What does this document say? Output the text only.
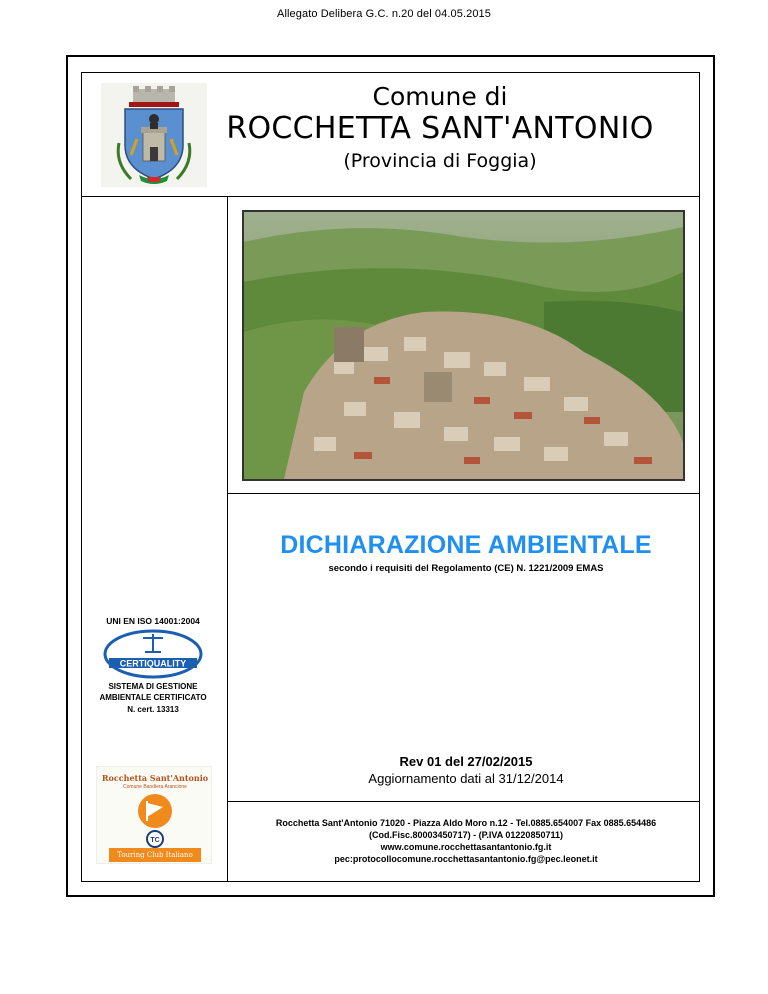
Allegato Delibera G.C. n.20 del 04.05.2015
Comune di
ROCCHETTA SANT'ANTONIO
(Provincia di Foggia)
DICHIARAZIONE AMBIENTALE
secondo i requisiti del Regolamento (CE) N. 1221/2009 EMAS
UNI EN ISO 14001:2004
CERTIQUALITY
SISTEMA DI GESTIONE
AMBIENTALE CERTIFICATO
N. cert. 13313
Rev 01 del 27/02/2015
Aggiornamento dati al 31/12/2014
Rocchetta Sant'Antonio 71020 - Piazza Aldo Moro n.12 - Tel.0885.654007 Fax 0885.654486
(Cod.Fisc.80003450717) - (P.IVA 01220850711)
www.comune.rocchettasantantonio.fg.it
pec:protocollocomune.rocchettasantantonio.fg@pec.leonet.it
Rocchetta Sant'Antonio
Comune Bandiera Arancione
TC
Touring Club Italiano
